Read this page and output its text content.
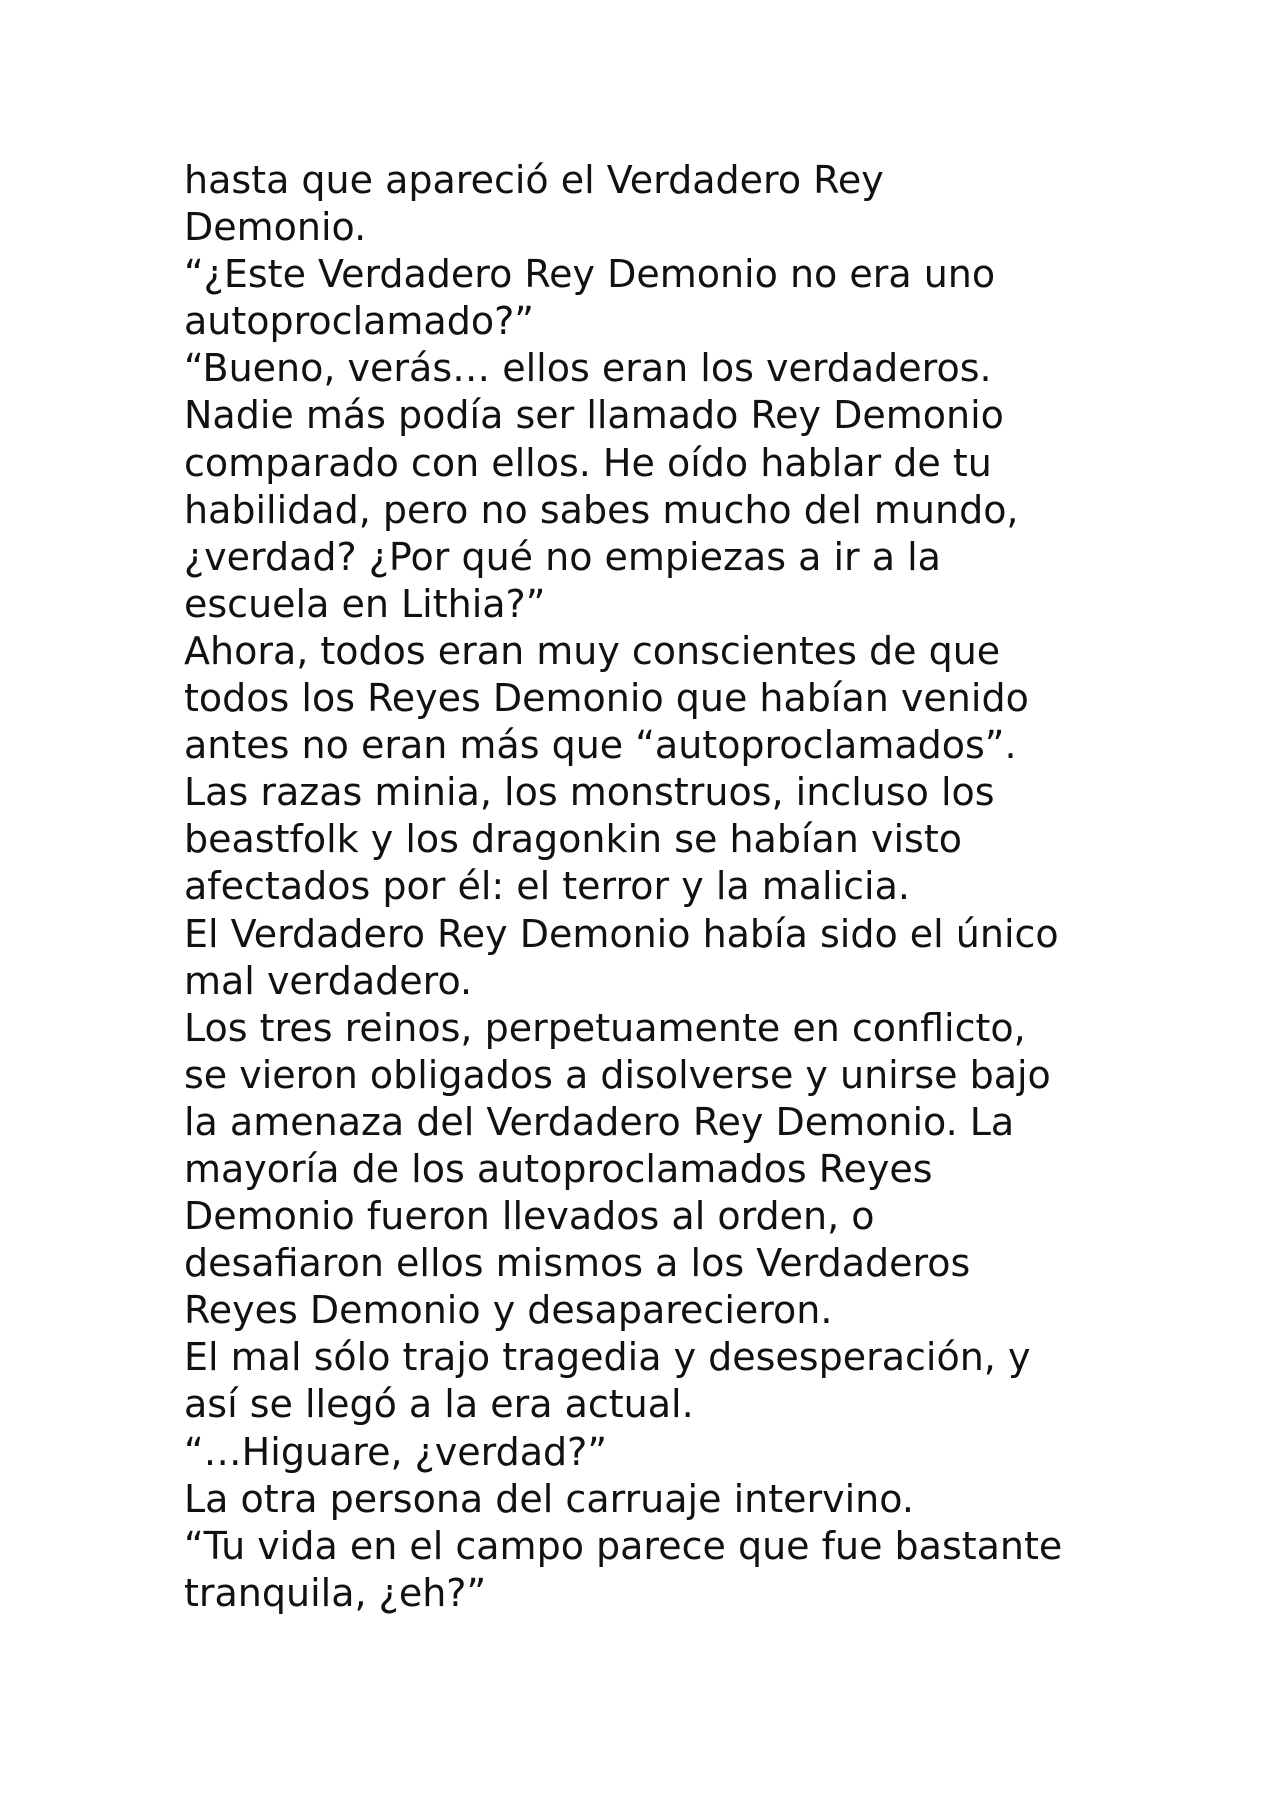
hasta que apareció el Verdadero Rey
Demonio.
“¿Este Verdadero Rey Demonio no era uno
autoproclamado?”
“Bueno, verás… ellos eran los verdaderos.
Nadie más podía ser llamado Rey Demonio
comparado con ellos. He oído hablar de tu
habilidad, pero no sabes mucho del mundo,
¿verdad? ¿Por qué no empiezas a ir a la
escuela en Lithia?”
Ahora, todos eran muy conscientes de que
todos los Reyes Demonio que habían venido
antes no eran más que “autoproclamados”.
Las razas minia, los monstruos, incluso los
beastfolk y los dragonkin se habían visto
afectados por él: el terror y la malicia.
El Verdadero Rey Demonio había sido el único
mal verdadero.
Los tres reinos, perpetuamente en conflicto,
se vieron obligados a disolverse y unirse bajo
la amenaza del Verdadero Rey Demonio. La
mayoría de los autoproclamados Reyes
Demonio fueron llevados al orden, o
desafiaron ellos mismos a los Verdaderos
Reyes Demonio y desaparecieron.
El mal sólo trajo tragedia y desesperación, y
así se llegó a la era actual.
“…Higuare, ¿verdad?”
La otra persona del carruaje intervino.
“Tu vida en el campo parece que fue bastante
tranquila, ¿eh?”
